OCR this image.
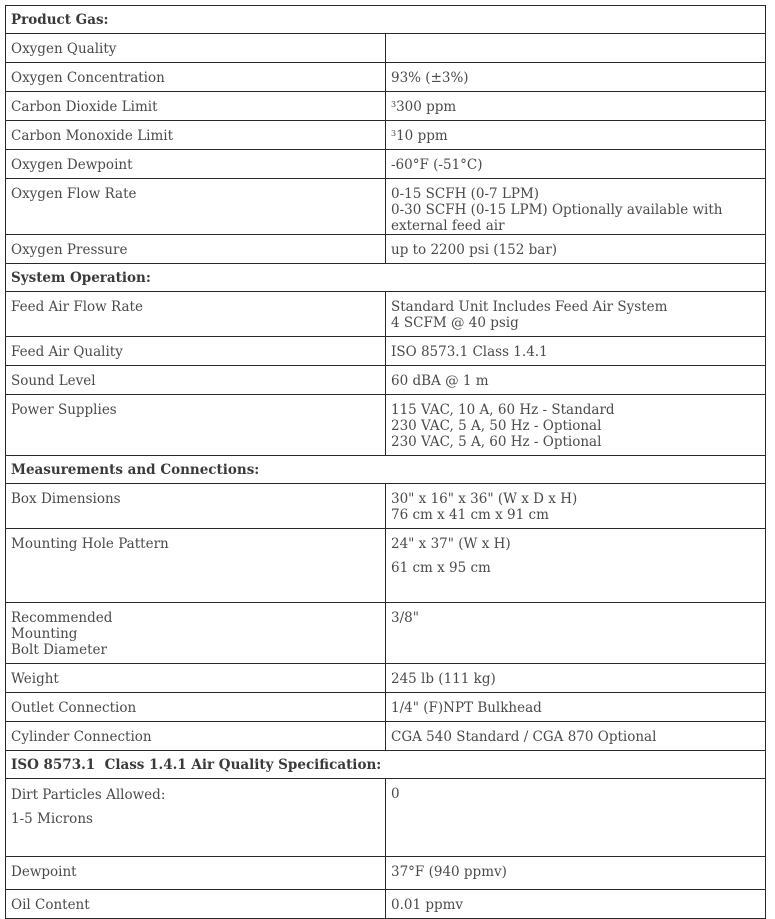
Product Gas:	
Oxygen Quality	
Oxygen Concentration	93% (±3%)
Carbon Dioxide Limit	$^3$300 ppm
Carbon Monoxide Limit	$^3$10 ppm
Oxygen Dewpoint	-60°F (-51°C)
Oxygen Flow Rate	0-15 SCFH (0-7 LPM)
0-30 SCFH (0-15 LPM) Optionally available with external feed air

Oxygen Pressure	up to 2200 psi (152 bar)
System Operation:	
Feed Air Flow Rate	Standard Unit Includes Feed Air System
4 SCFM @ 40 psig

Feed Air Quality	ISO 8573.1 Class 1.4.1
Sound Level	60 dBA @ 1 m
Power Supplies	115 VAC, 10 A, 60 Hz - Standard
230 VAC, 5 A, 50 Hz - Optional
230 VAC, 5 A, 60 Hz - Optional

Measurements and Connections:	
Box Dimensions	30" x 16" x 36" (W x D x H)
76 cm x 41 cm x 91 cm

Mounting Hole Pattern	24" x 37" (W x H)
61 cm x 95 cm

Recommended
Mounting
Bolt Diameter	3/8"
Weight	245 lb (111 kg)
Outlet Connection	1/4" (F)NPT Bulkhead
Cylinder Connection	CGA 540 Standard / CGA 870 Optional
ISO 8573.1  Class 1.4.1 Air Quality Specification:	

Dirt Particles Allowed:
1-5 Microns	0
Dewpoint	37°F (940 ppmv)
Oil Content	0.01 ppmv
